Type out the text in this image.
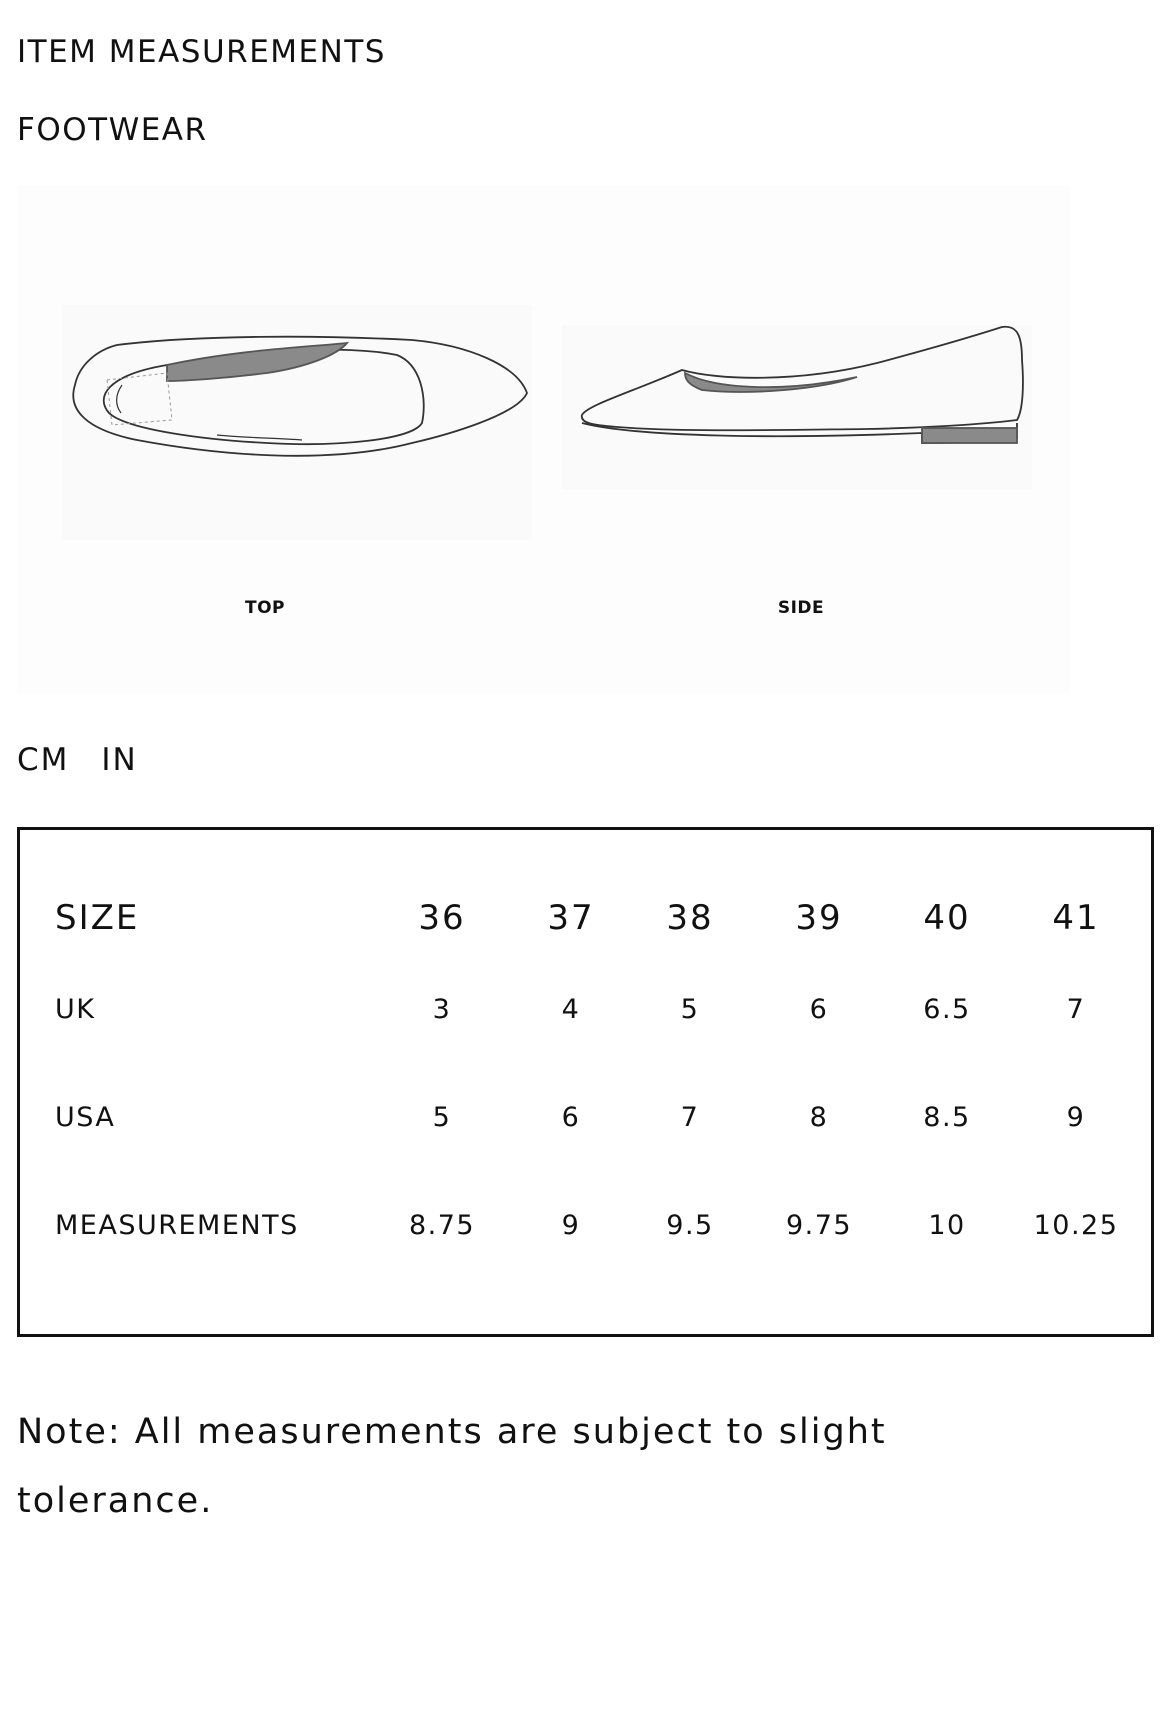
ITEM MEASUREMENTS
FOOTWEAR
TOP	SIDE
CM IN
SIZE	36	37	38	39	40	41
UK	3	4	5	6	6.5	7
USA	5	6	7	8	8.5	9
MEASUREMENTS	8.75	9	9.5	9.75	10	10.25

Note: All measurements are subject to slight tolerance.
